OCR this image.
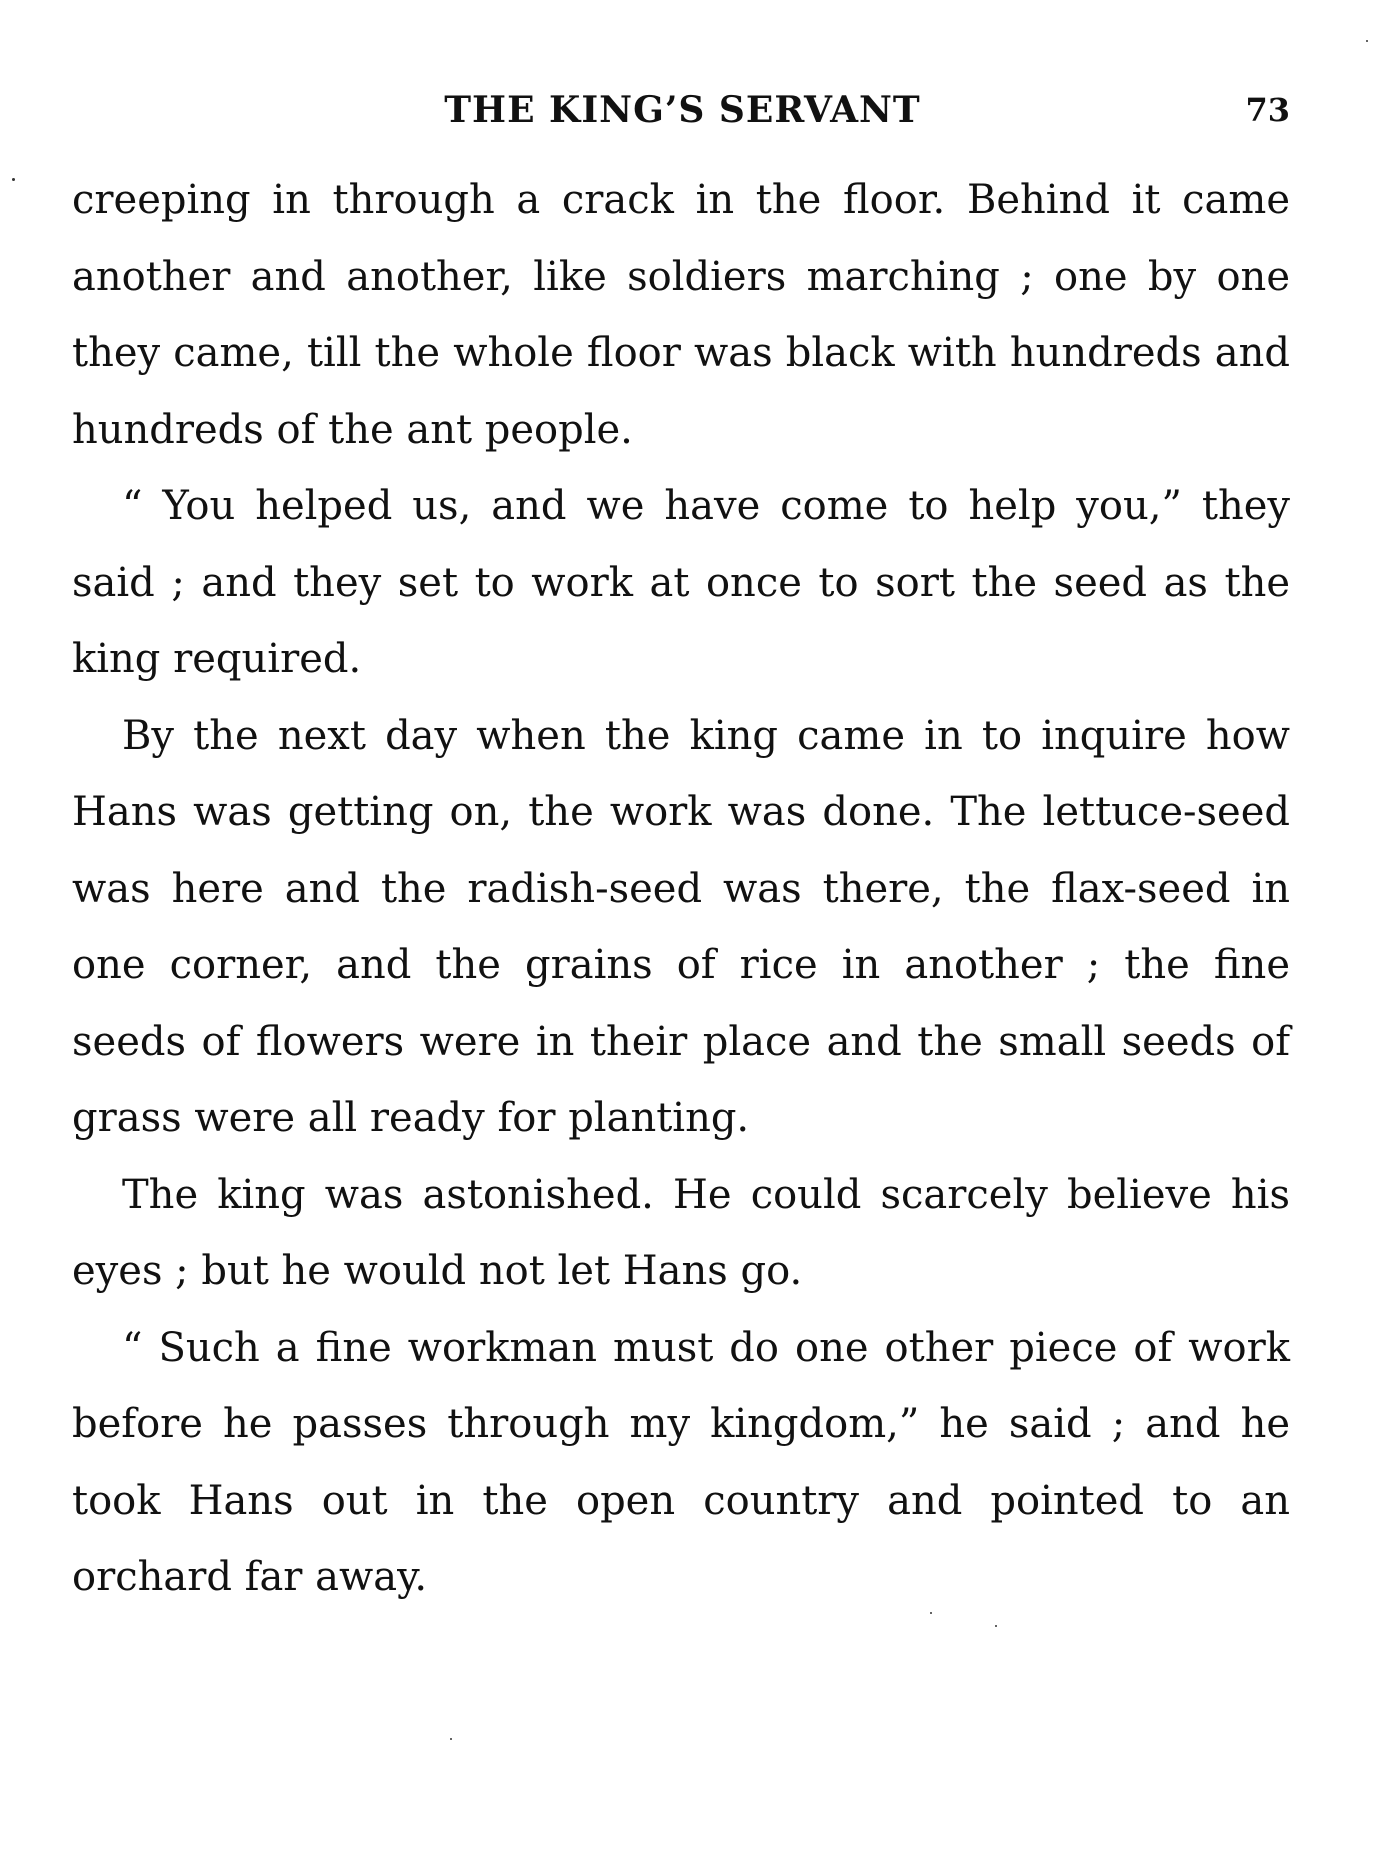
THE KING’S SERVANT	73

creeping in through a crack in the floor. Behind it came another and another, like soldiers marching ; one by one they came, till the whole floor was black with hundreds and hundreds of the ant people.

“ You helped us, and we have come to help you,” they said ; and they set to work at once to sort the seed as the king required.

By the next day when the king came in to inquire how Hans was getting on, the work was done. The lettuce-seed was here and the radish-seed was there, the flax-seed in one corner, and the grains of rice in another ; the fine seeds of flowers were in their place and the small seeds of grass were all ready for planting.

The king was astonished. He could scarcely believe his eyes ; but he would not let Hans go.

“ Such a fine workman must do one other piece of work before he passes through my kingdom,” he said ; and he took Hans out in the open country and pointed to an orchard far away.
